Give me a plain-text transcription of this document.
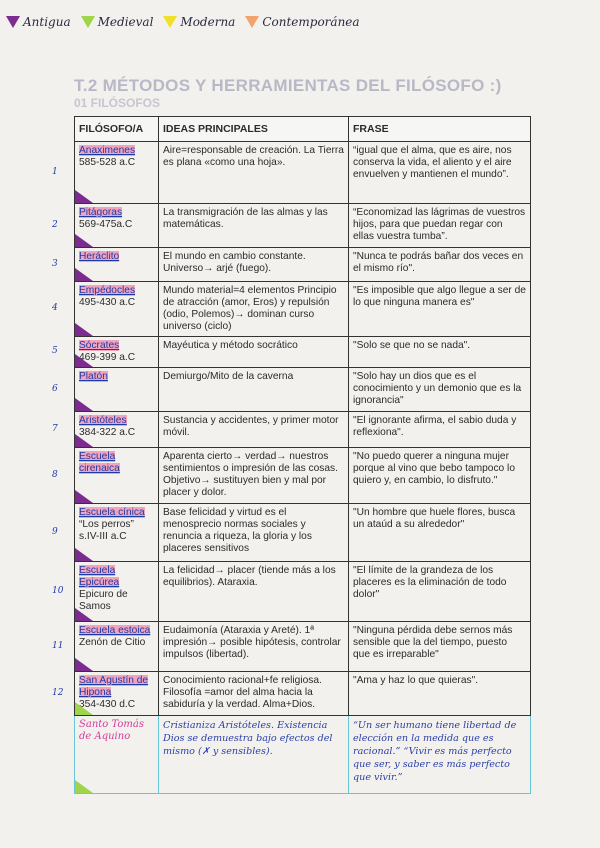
Antigua Medieval Moderna Contemporánea
T.2 MÉTODOS Y HERRAMIENTAS DEL FILÓSOFO :)
01 FILÓSOFOS
FILÓSOFO/A	IDEAS PRINCIPALES	FRASE
Anaximenes
585-528 a.C	Aire=responsable de creación. La Tierra es plana «como una hoja».	“igual que el alma, que es aire, nos conserva la vida, el aliento y el aire envuelven y mantienen el mundo”.
Pitágoras
569-475a.C	La transmigración de las almas y las matemáticas.	“Economizad las lágrimas de vuestros hijos, para que puedan regar con ellas vuestra tumba”.
Heráclito	El mundo en cambio constante. Universo→ arjé (fuego).	"Nunca te podrás bañar dos veces en el mismo río".
Empédocles
495-430 a.C	Mundo material=4 elementos Principio de atracción (amor, Eros) y repulsión (odio, Polemos)→ dominan curso universo (ciclo)	"Es imposible que algo llegue a ser de lo que ninguna manera es"
Sócrates
469-399 a.C	Mayéutica y método socrático	"Solo se que no se nada".
Platón	Demiurgo/Mito de la caverna	"Solo hay un dios que es el conocimiento y un demonio que es la ignorancia"
Aristóteles
384-322 a.C	Sustancia y accidentes, y primer motor móvil.	"El ignorante afirma, el sabio duda y reflexiona".
Escuela cirenaica	Aparenta cierto→ verdad→ nuestros sentimientos o impresión de las cosas. Objetivo→ sustituyen bien y mal por placer y dolor.	"No puedo querer a ninguna mujer porque al vino que bebo tampoco lo quiero y, en cambio, lo disfruto."
Escuela cínica
“Los perros” s.IV-III a.C	Base felicidad y virtud es el menosprecio normas sociales y renuncia a riqueza, la gloria y los placeres sensitivos	"Un hombre que huele flores, busca un ataúd a su alrededor"
Escuela Epicúrea
Epicuro de Samos	La felicidad→ placer (tiende más a los equilibrios). Ataraxia.	"El límite de la grandeza de los placeres es la eliminación de todo dolor"
Escuela estoica
Zenón de Citio	Eudaimonía (Ataraxia y Areté). 1ª impresión→ posible hipótesis, controlar impulsos (libertad).	"Ninguna pérdida debe sernos más sensible que la del tiempo, puesto que es irreparable"
San Agustín de Hipona
354-430 d.C	Conocimiento racional+fe religiosa. Filosofía =amor del alma hacia la sabiduría y la verdad. Alma+Dios.	"Ama y haz lo que quieras".
Santo Tomás de Aquino	Cristianiza Aristóteles. Existencia Dios se demuestra bajo efectos del mismo (✗ y sensibles).	“Un ser humano tiene libertad de elección en la medida que es racional.” “Vivir es más perfecto que ser, y saber es más perfecto que vivir.”
1
2
3
4
5
6
7
8
9
10
11
12
